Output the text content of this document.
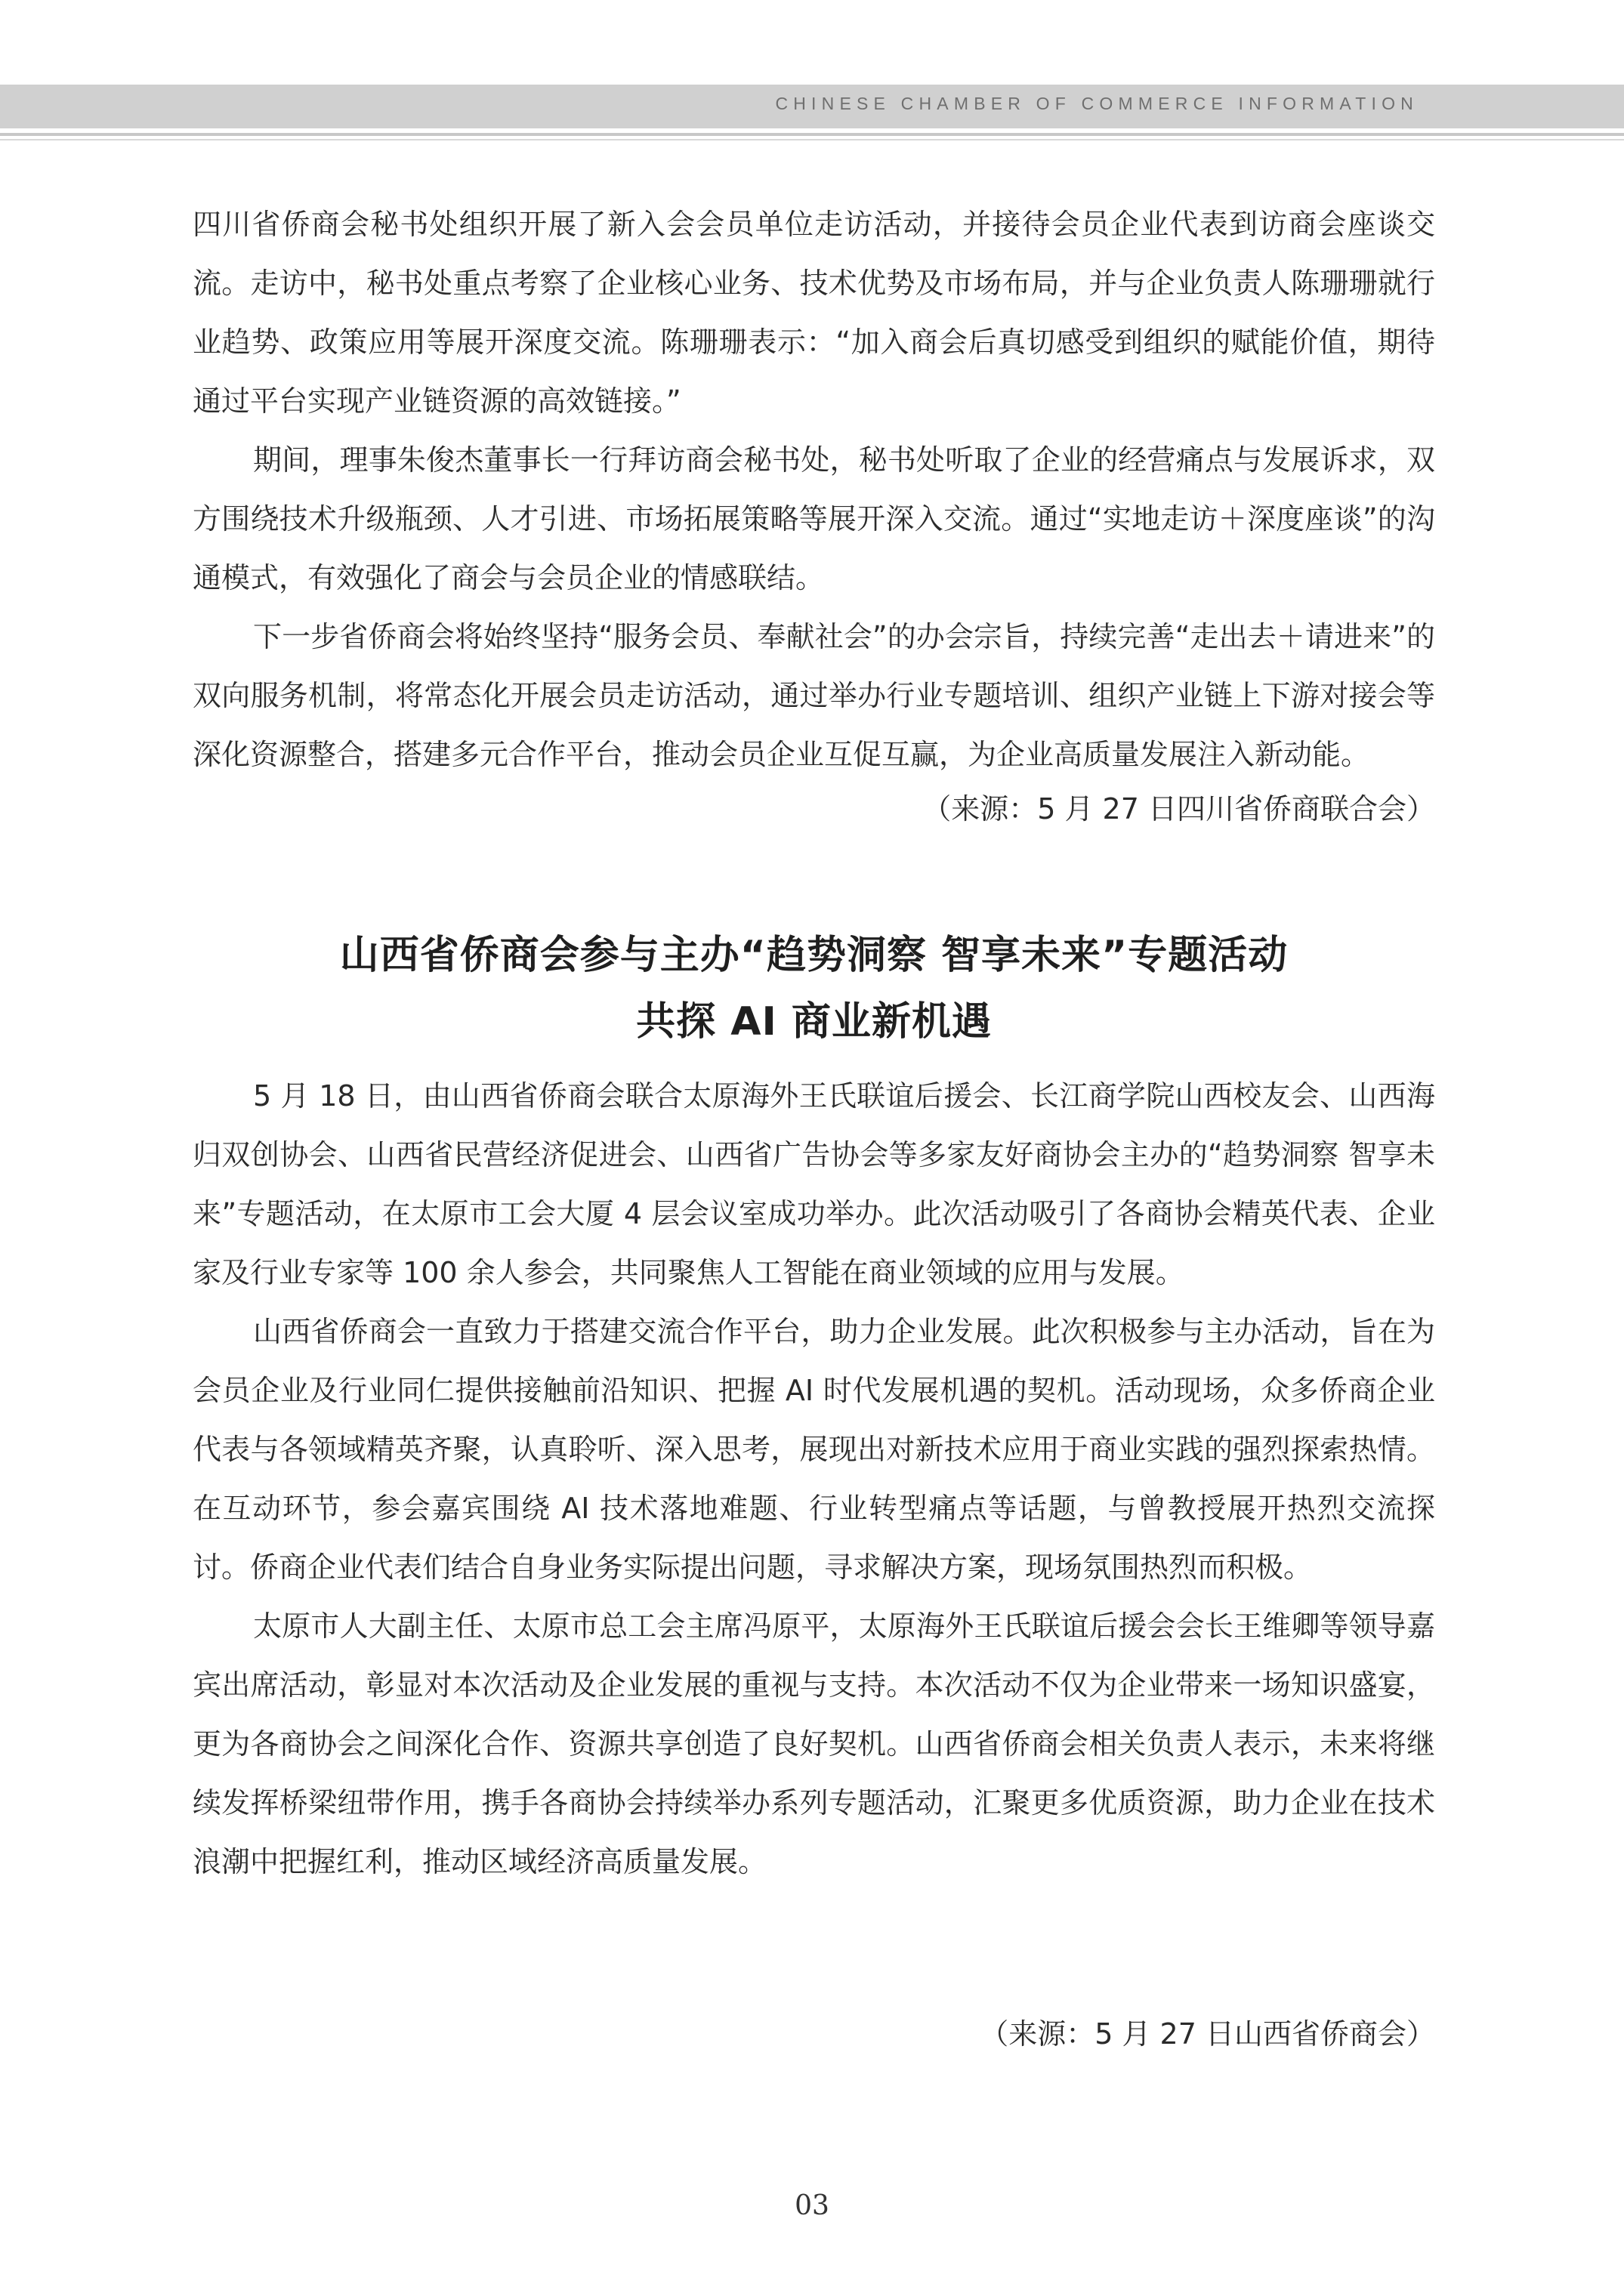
CHINESE CHAMBER OF COMMERCE INFORMATION

四川省侨商会秘书处组织开展了新入会会员单位走访活动，并接待会员企业代表到访商会座谈交流。走访中，秘书处重点考察了企业核心业务、技术优势及市场布局，并与企业负责人陈珊珊就行业趋势、政策应用等展开深度交流。陈珊珊表示：“加入商会后真切感受到组织的赋能价值，期待通过平台实现产业链资源的高效链接。”

期间，理事朱俊杰董事长一行拜访商会秘书处，秘书处听取了企业的经营痛点与发展诉求，双方围绕技术升级瓶颈、人才引进、市场拓展策略等展开深入交流。通过“实地走访＋深度座谈”的沟通模式，有效强化了商会与会员企业的情感联结。

下一步省侨商会将始终坚持“服务会员、奉献社会”的办会宗旨，持续完善“走出去＋请进来”的双向服务机制，将常态化开展会员走访活动，通过举办行业专题培训、组织产业链上下游对接会等深化资源整合，搭建多元合作平台，推动会员企业互促互赢，为企业高质量发展注入新动能。

（来源：5 月 27 日四川省侨商联合会）

山西省侨商会参与主办“趋势洞察 智享未来”专题活动
共探 AI 商业新机遇

5 月 18 日，由山西省侨商会联合太原海外王氏联谊后援会、长江商学院山西校友会、山西海归双创协会、山西省民营经济促进会、山西省广告协会等多家友好商协会主办的“趋势洞察 智享未来”专题活动，在太原市工会大厦 4 层会议室成功举办。此次活动吸引了各商协会精英代表、企业家及行业专家等 100 余人参会，共同聚焦人工智能在商业领域的应用与发展。

山西省侨商会一直致力于搭建交流合作平台，助力企业发展。此次积极参与主办活动，旨在为会员企业及行业同仁提供接触前沿知识、把握 AI 时代发展机遇的契机。活动现场，众多侨商企业代表与各领域精英齐聚，认真聆听、深入思考，展现出对新技术应用于商业实践的强烈探索热情。在互动环节，参会嘉宾围绕 AI 技术落地难题、行业转型痛点等话题，与曾教授展开热烈交流探讨。侨商企业代表们结合自身业务实际提出问题，寻求解决方案，现场氛围热烈而积极。

太原市人大副主任、太原市总工会主席冯原平，太原海外王氏联谊后援会会长王维卿等领导嘉宾出席活动，彰显对本次活动及企业发展的重视与支持。本次活动不仅为企业带来一场知识盛宴，更为各商协会之间深化合作、资源共享创造了良好契机。山西省侨商会相关负责人表示，未来将继续发挥桥梁纽带作用，携手各商协会持续举办系列专题活动，汇聚更多优质资源，助力企业在技术浪潮中把握红利，推动区域经济高质量发展。

（来源：5 月 27 日山西省侨商会）

03
